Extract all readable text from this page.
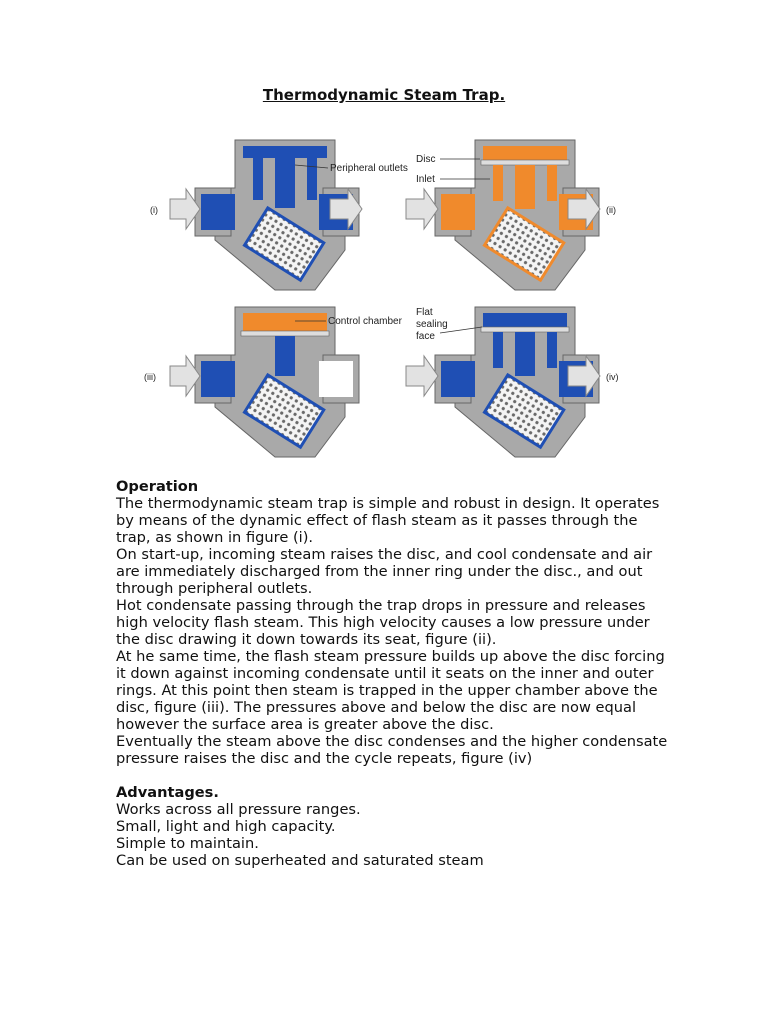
Thermodynamic Steam Trap.
(i)
Peripheral outlets
(ii)
Disc
Inlet
(iii)
Control chamber
(iv)
Flat
sealing
face
Operation

The thermodynamic steam trap is simple and robust in design. It operates by means of the dynamic effect of flash steam as it passes through the trap, as shown in figure (i).

On start-up, incoming steam raises the disc, and cool condensate and air are immediately discharged from the inner ring under the disc., and out through peripheral outlets.

Hot condensate passing through the trap drops in pressure and releases high velocity flash steam. This high velocity causes a low pressure under the disc drawing it down towards its seat, figure (ii).

At he same time, the flash steam pressure builds up above the disc forcing it down against incoming condensate until it seats on the inner and outer rings. At this point then steam is trapped in the upper chamber above the disc, figure (iii). The pressures above and below the disc are now equal however the surface area is greater above the disc.

Eventually the steam above the disc condenses and the higher condensate pressure raises the disc and the cycle repeats, figure (iv)

Advantages.
Works across all pressure ranges.
Small, light and high capacity.
Simple to maintain.
Can be used on superheated and saturated steam
